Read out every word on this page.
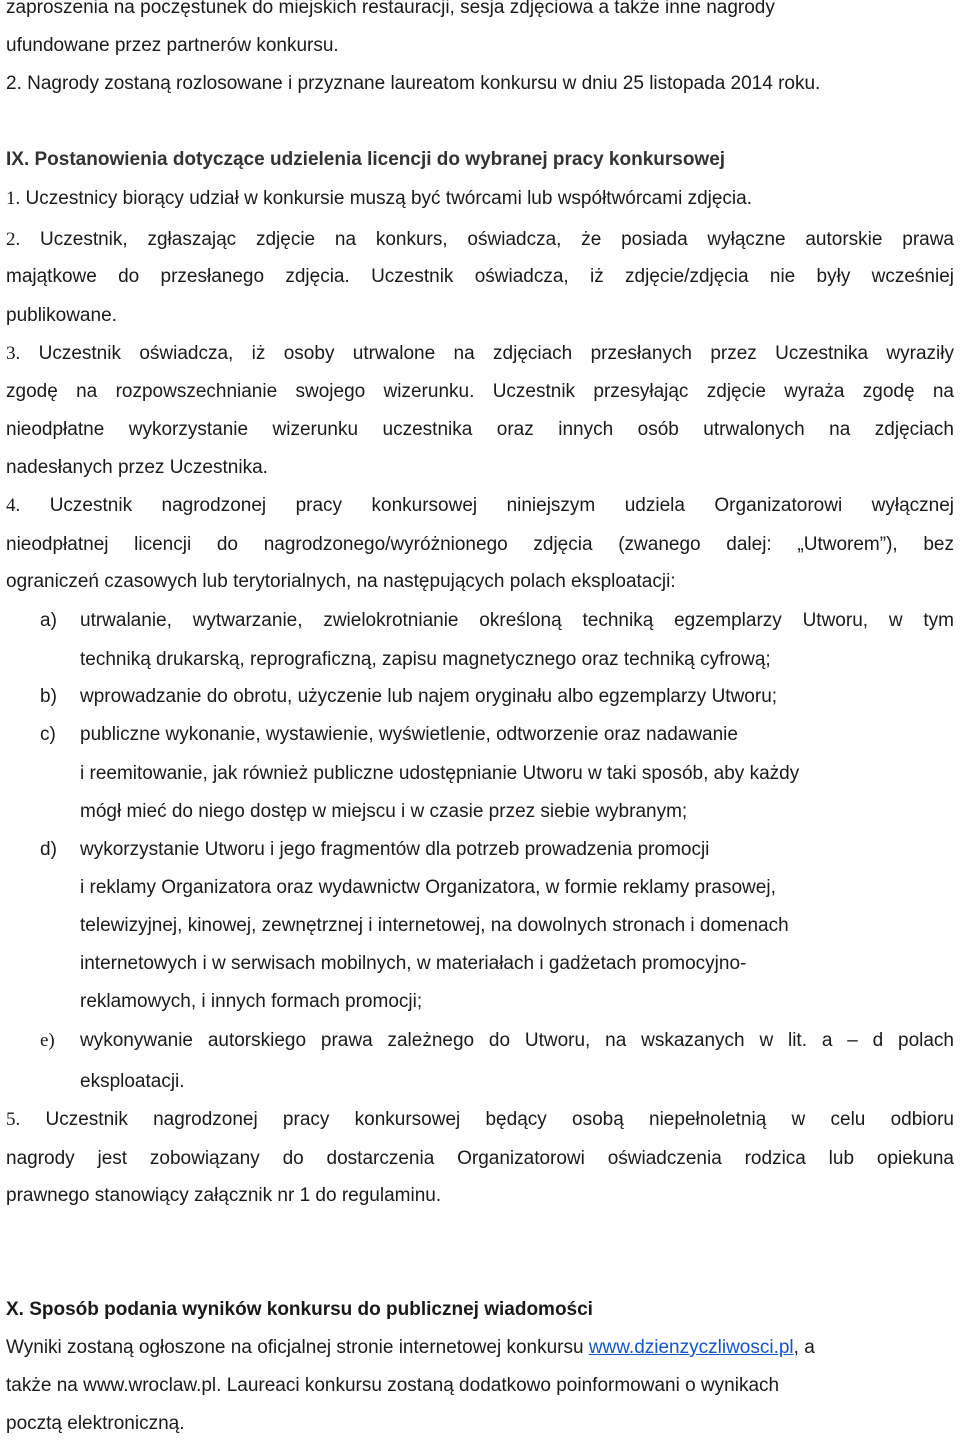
zaproszenia na poczęstunek do miejskich restauracji, sesja zdjęciowa a także inne nagrody
ufundowane przez partnerów konkursu.
2. Nagrody zostaną rozlosowane i przyznane laureatom konkursu w dniu 25 listopada 2014 roku.
IX. Postanowienia dotyczące udzielenia licencji do wybranej pracy konkursowej
1. Uczestnicy biorący udział w konkursie muszą być twórcami lub współtwórcami zdjęcia.
2. Uczestnik, zgłaszając zdjęcie na konkurs, oświadcza, że posiada wyłączne autorskie prawa
majątkowe do przesłanego zdjęcia. Uczestnik oświadcza, iż zdjęcie/zdjęcia nie były wcześniej
publikowane.
3. Uczestnik oświadcza, iż osoby utrwalone na zdjęciach przesłanych przez Uczestnika wyraziły
zgodę na rozpowszechnianie swojego wizerunku. Uczestnik przesyłając zdjęcie wyraża zgodę na
nieodpłatne wykorzystanie wizerunku uczestnika oraz innych osób utrwalonych na zdjęciach
nadesłanych przez Uczestnika.
4. Uczestnik nagrodzonej pracy konkursowej niniejszym udziela Organizatorowi wyłącznej
nieodpłatnej licencji do nagrodzonego/wyróżnionego zdjęcia (zwanego dalej: „Utworem”), bez
ograniczeń czasowych lub terytorialnych, na następujących polach eksploatacji:
a) utrwalanie, wytwarzanie, zwielokrotnianie określoną techniką egzemplarzy Utworu, w tym
techniką drukarską, reprograficzną, zapisu magnetycznego oraz techniką cyfrową;
b) wprowadzanie do obrotu, użyczenie lub najem oryginału albo egzemplarzy Utworu;
c) publiczne wykonanie, wystawienie, wyświetlenie, odtworzenie oraz nadawanie
i reemitowanie, jak również publiczne udostępnianie Utworu w taki sposób, aby każdy
mógł mieć do niego dostęp w miejscu i w czasie przez siebie wybranym;
d) wykorzystanie Utworu i jego fragmentów dla potrzeb prowadzenia promocji
i reklamy Organizatora oraz wydawnictw Organizatora, w formie reklamy prasowej,
telewizyjnej, kinowej, zewnętrznej i internetowej, na dowolnych stronach i domenach
internetowych i w serwisach mobilnych, w materiałach i gadżetach promocyjno-
reklamowych, i innych formach promocji;
e) wykonywanie autorskiego prawa zależnego do Utworu, na wskazanych w lit. a – d polach
eksploatacji.
5. Uczestnik nagrodzonej pracy konkursowej będący osobą niepełnoletnią w celu odbioru
nagrody jest zobowiązany do dostarczenia Organizatorowi oświadczenia rodzica lub opiekuna
prawnego stanowiący załącznik nr 1 do regulaminu.
X. Sposób podania wyników konkursu do publicznej wiadomości
Wyniki zostaną ogłoszone na oficjalnej stronie internetowej konkursu www.dzienzyczliwosci.pl, a
także na www.wroclaw.pl. Laureaci konkursu zostaną dodatkowo poinformowani o wynikach
pocztą elektroniczną.
